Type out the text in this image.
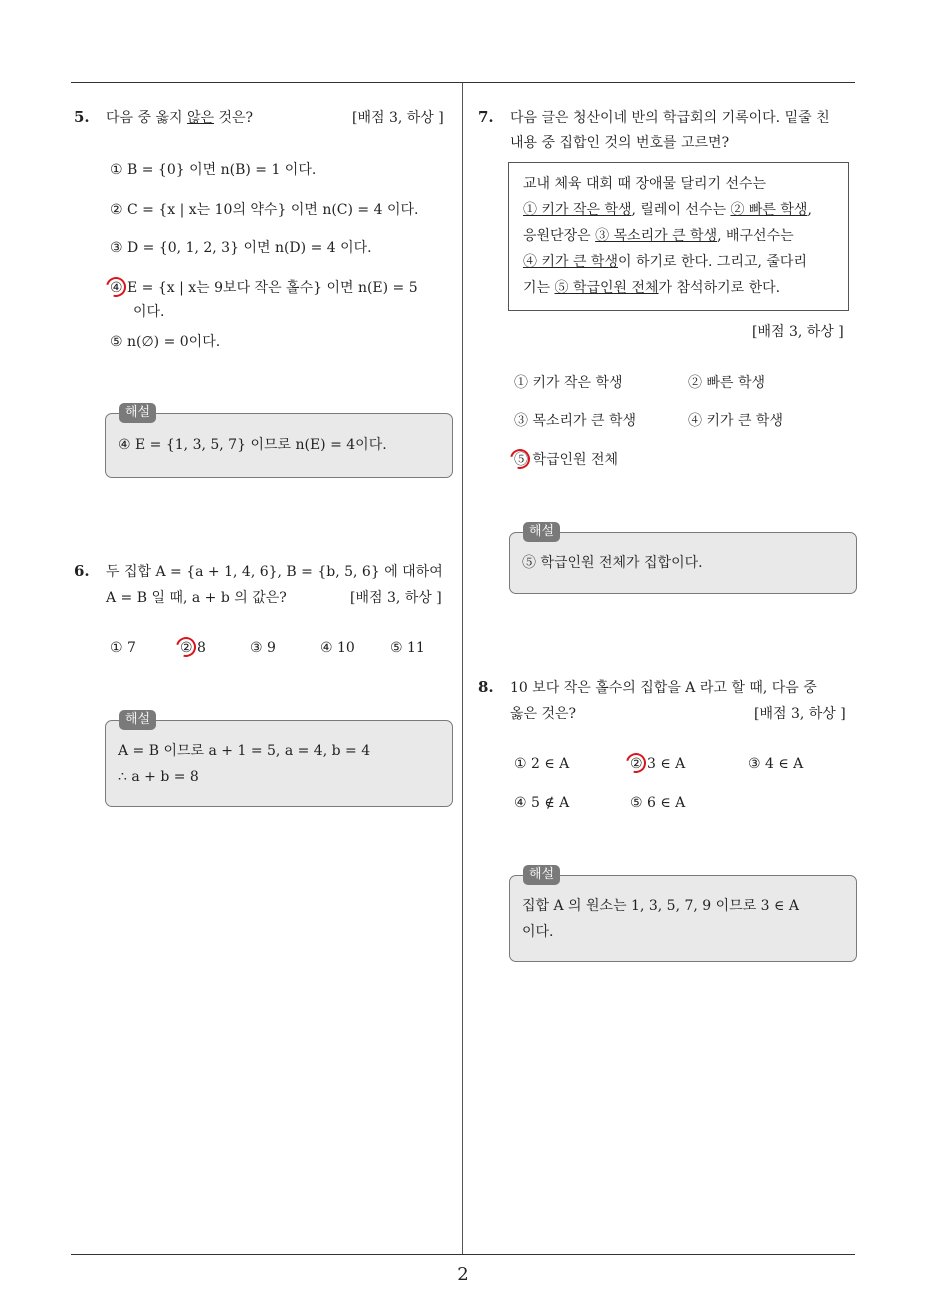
2
5. 다음 중 옳지 않은 것은?	[배점 3, 하상 ]
① B = {0} 이면 n(B) = 1 이다.
② C = {x | x는 10의 약수} 이면 n(C) = 4 이다.
③ D = {0, 1, 2, 3} 이면 n(D) = 4 이다.
④ E = {x | x는 9보다 작은 홀수} 이면 n(E) = 5
이다.
⑤ n(∅) = 0이다.
④ E = {1, 3, 5, 7} 이므로 n(E) = 4이다.
해설
6. 두 집합 A = {a + 1, 4, 6}, B = {b, 5, 6} 에 대하여
A = B 일 때, a + b 의 값은?	[배점 3, 하상 ]
① 7	② 8	③ 9	④ 10	⑤ 11
A = B 이므로 a + 1 = 5, a = 4, b = 4
∴ a + b = 8
해설
7. 다음 글은 청산이네 반의 학급회의 기록이다. 밑줄 친
내용 중 집합인 것의 번호를 고르면?
교내 체육 대회 때 장애물 달리기 선수는
① 키가 작은 학생, 릴레이 선수는 ② 빠른 학생,
응원단장은 ③ 목소리가 큰 학생, 배구선수는
④ 키가 큰 학생이 하기로 한다. 그리고, 줄다리
기는 ⑤ 학급인원 전체가 참석하기로 한다.
[배점 3, 하상 ]
① 키가 작은 학생	② 빠른 학생
③ 목소리가 큰 학생	④ 키가 큰 학생
⑤ 학급인원 전체
⑤ 학급인원 전체가 집합이다.
해설
8. 10 보다 작은 홀수의 집합을 A 라고 할 때, 다음 중
옳은 것은?	[배점 3, 하상 ]
① 2 ∈ A	② 3 ∈ A	③ 4 ∈ A
④ 5 ∉ A	⑤ 6 ∈ A
집합 A 의 원소는 1, 3, 5, 7, 9 이므로 3 ∈ A
이다.
해설
